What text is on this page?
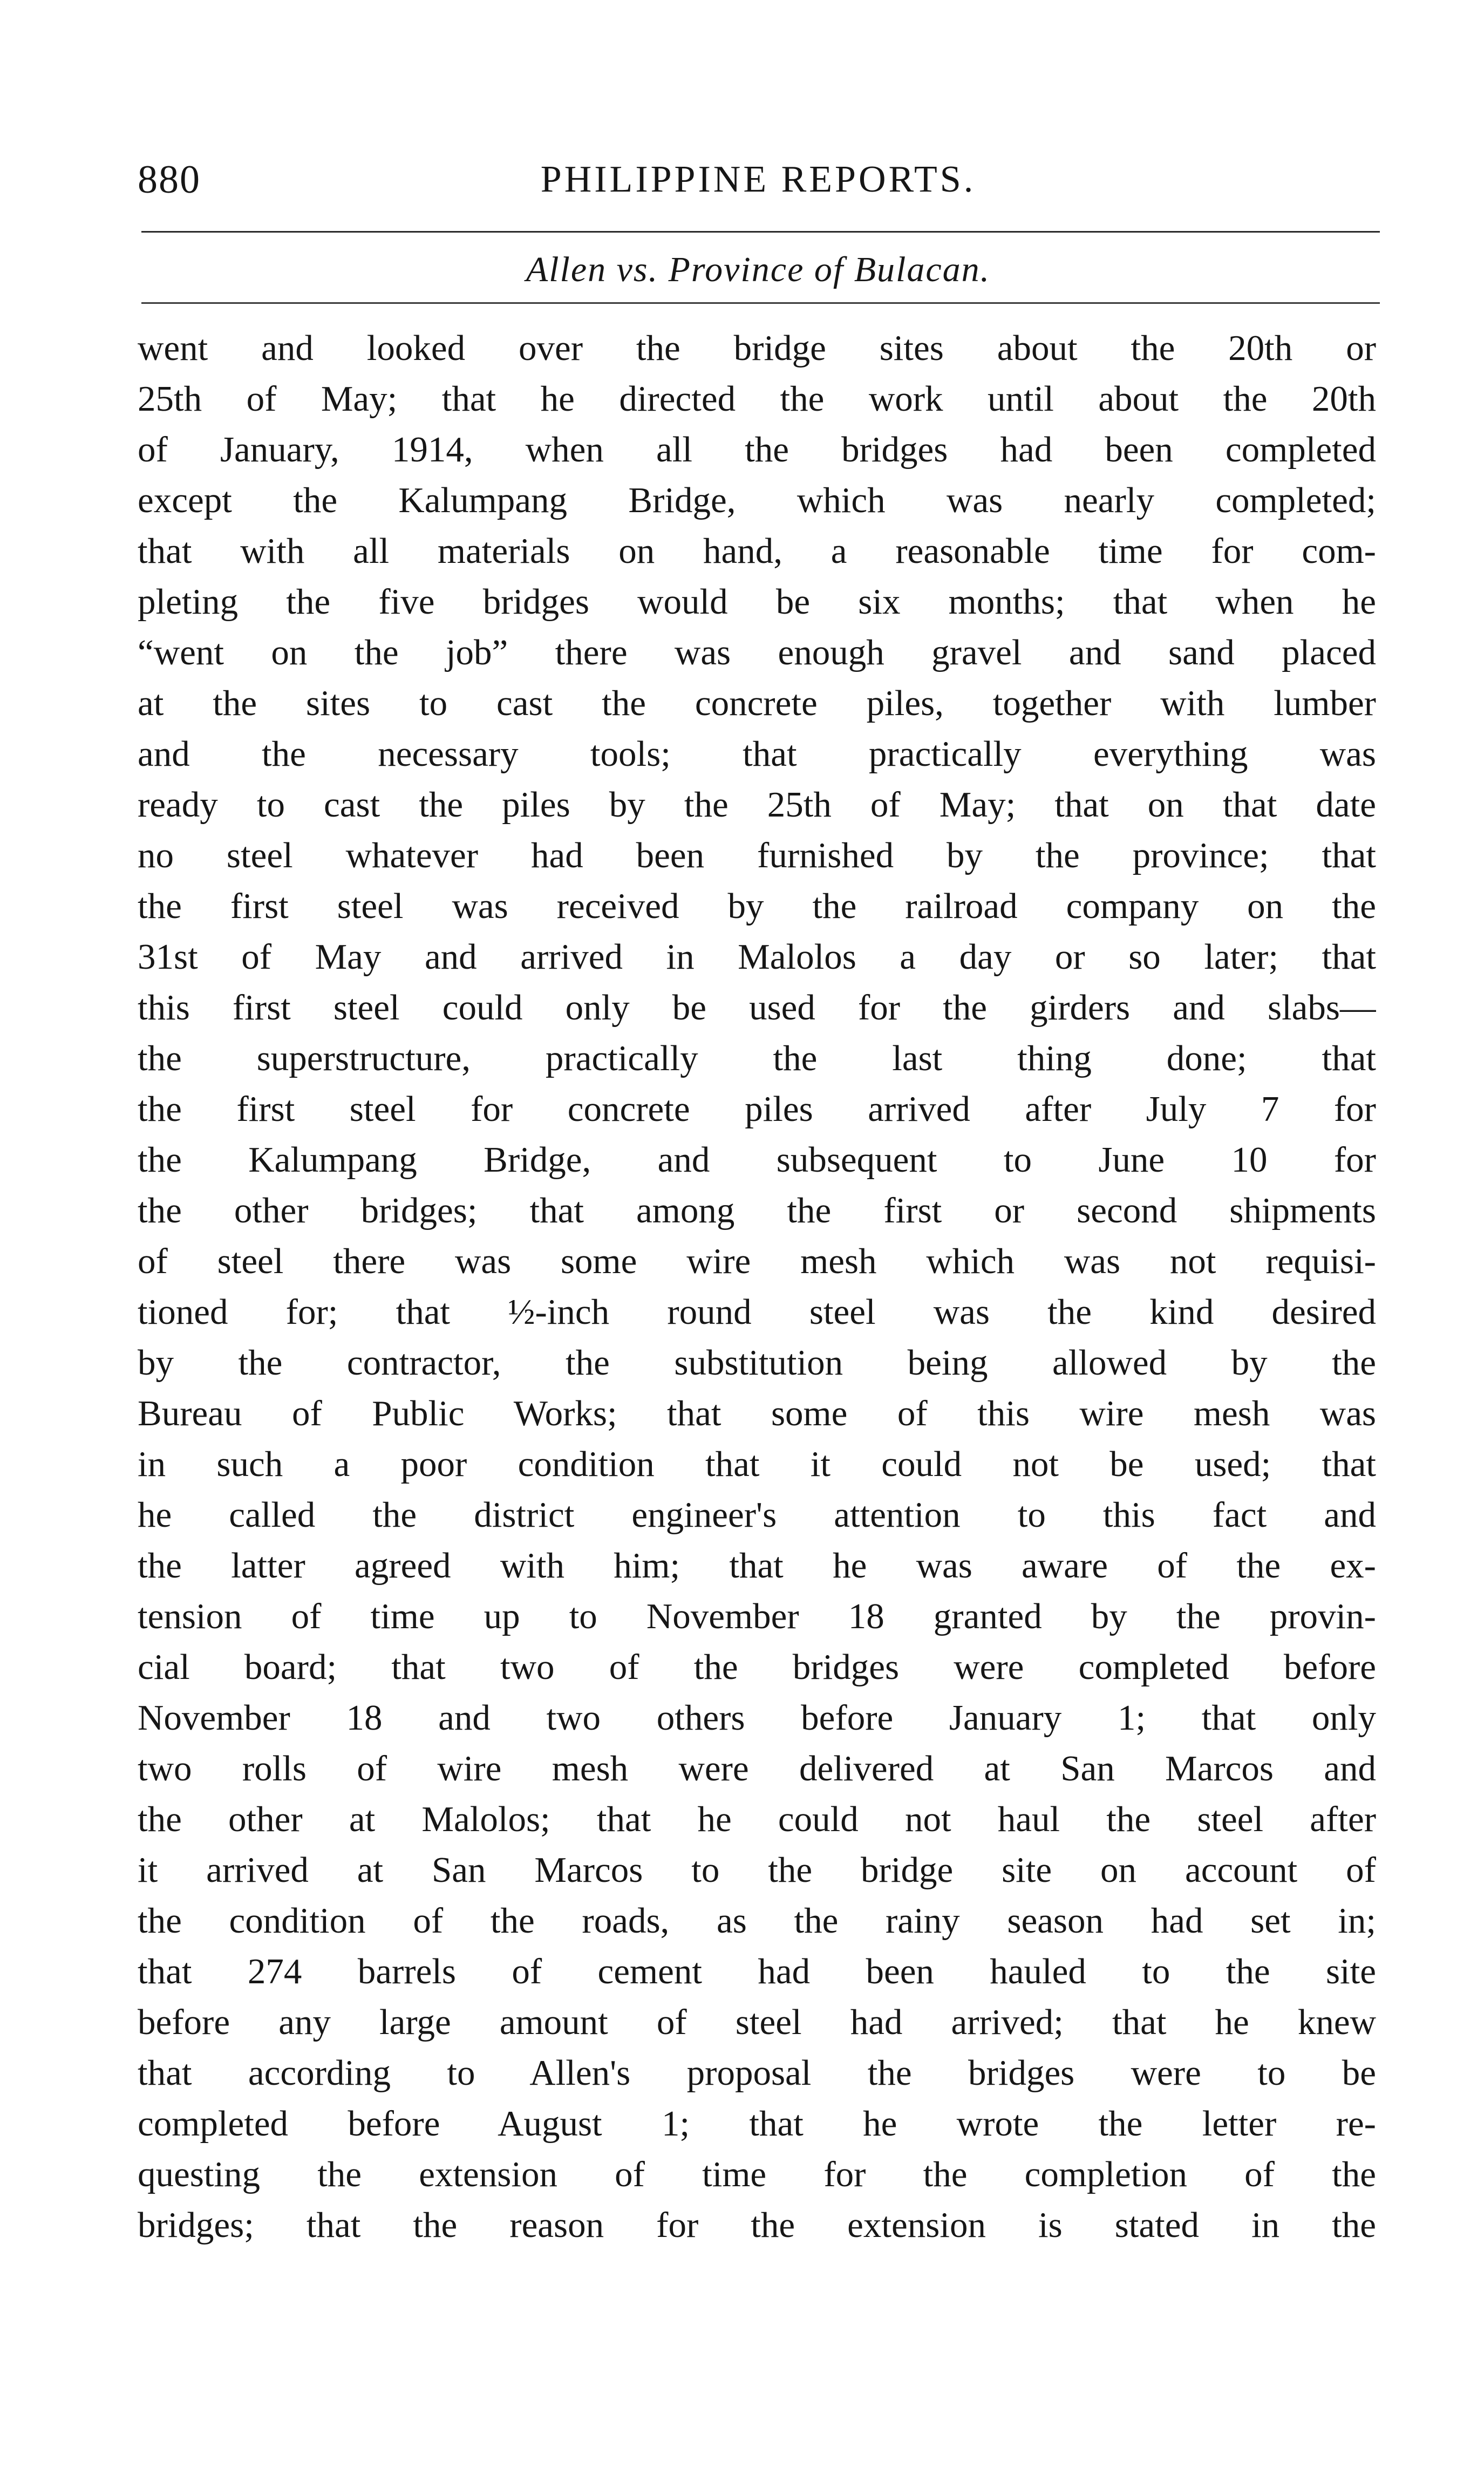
PHILIPPINE REPORTS.
880
Allen vs. Province of Bulacan.
went and looked over the bridge sites about the 20th or
25th of May; that he directed the work until about the 20th
of January, 1914, when all the bridges had been completed
except the Kalumpang Bridge, which was nearly completed;
that with all materials on hand, a reasonable time for com-
pleting the five bridges would be six months; that when he
“went on the job” there was enough gravel and sand placed
at the sites to cast the concrete piles, together with lumber
and the necessary tools; that practically everything was
ready to cast the piles by the 25th of May; that on that date
no steel whatever had been furnished by the province; that
the first steel was received by the railroad company on the
31st of May and arrived in Malolos a day or so later; that
this first steel could only be used for the girders and slabs—
the superstructure, practically the last thing done; that
the first steel for concrete piles arrived after July 7 for
the Kalumpang Bridge, and subsequent to June 10 for
the other bridges; that among the first or second shipments
of steel there was some wire mesh which was not requisi-
tioned for; that ½-inch round steel was the kind desired
by the contractor, the substitution being allowed by the
Bureau of Public Works; that some of this wire mesh was
in such a poor condition that it could not be used; that
he called the district engineer's attention to this fact and
the latter agreed with him; that he was aware of the ex-
tension of time up to November 18 granted by the provin-
cial board; that two of the bridges were completed before
November 18 and two others before January 1; that only
two rolls of wire mesh were delivered at San Marcos and
the other at Malolos; that he could not haul the steel after
it arrived at San Marcos to the bridge site on account of
the condition of the roads, as the rainy season had set in;
that 274 barrels of cement had been hauled to the site
before any large amount of steel had arrived; that he knew
that according to Allen's proposal the bridges were to be
completed before August 1; that he wrote the letter re-
questing the extension of time for the completion of the
bridges; that the reason for the extension is stated in the
